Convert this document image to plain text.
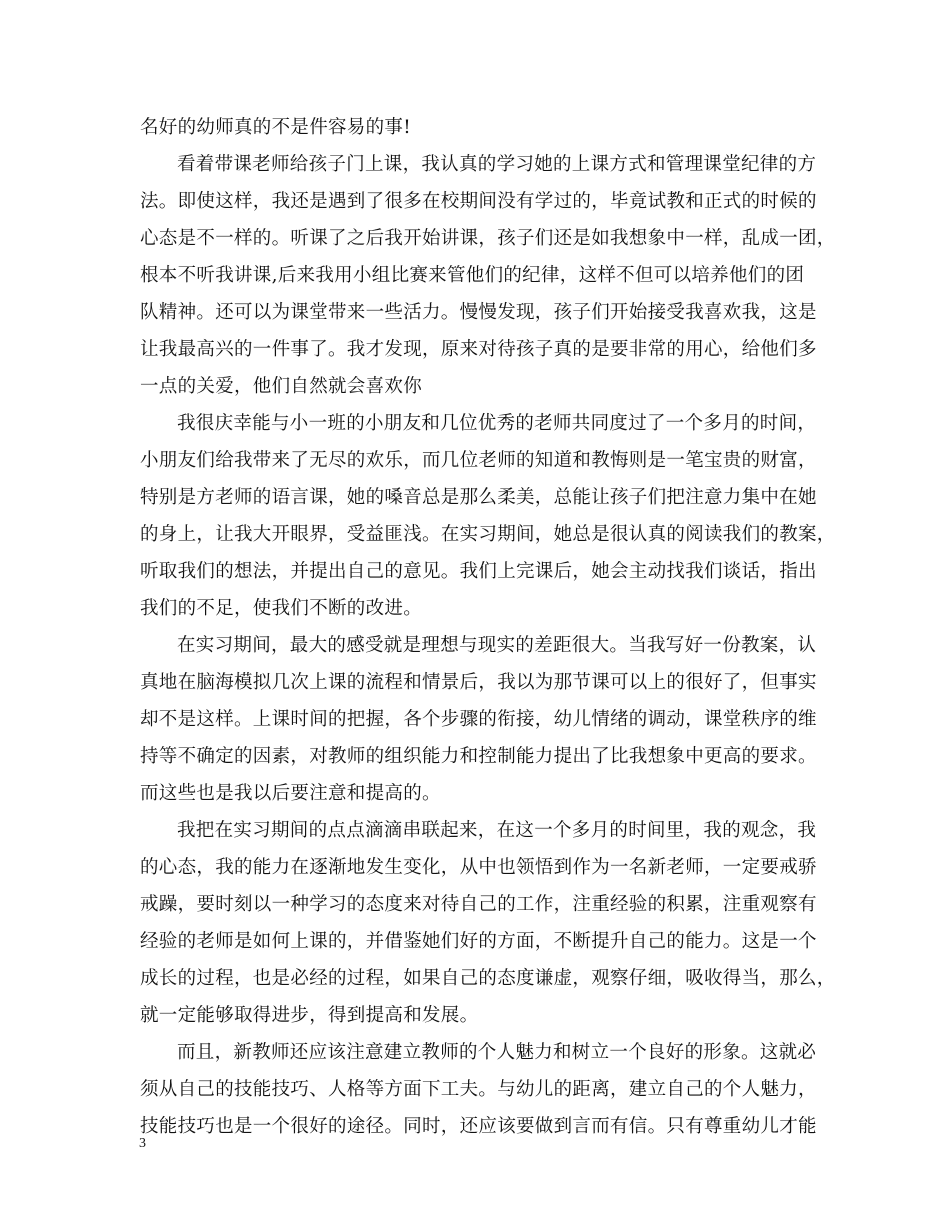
名好的幼师真的不是件容易的事!
看着带课老师给孩子门上课，我认真的学习她的上课方式和管理课堂纪律的方
法。即使这样，我还是遇到了很多在校期间没有学过的，毕竟试教和正式的时候的
心态是不一样的。听课了之后我开始讲课，孩子们还是如我想象中一样，乱成一团，
根本不听我讲课,后来我用小组比赛来管他们的纪律，这样不但可以培养他们的团
队精神。还可以为课堂带来一些活力。慢慢发现，孩子们开始接受我喜欢我，这是
让我最高兴的一件事了。我才发现，原来对待孩子真的是要非常的用心，给他们多
一点的关爱，他们自然就会喜欢你
我很庆幸能与小一班的小朋友和几位优秀的老师共同度过了一个多月的时间，
小朋友们给我带来了无尽的欢乐，而几位老师的知道和教悔则是一笔宝贵的财富，
特别是方老师的语言课，她的嗓音总是那么柔美，总能让孩子们把注意力集中在她
的身上，让我大开眼界，受益匪浅。在实习期间，她总是很认真的阅读我们的教案，
听取我们的想法，并提出自己的意见。我们上完课后，她会主动找我们谈话，指出
我们的不足，使我们不断的改进。
在实习期间，最大的感受就是理想与现实的差距很大。当我写好一份教案，认
真地在脑海模拟几次上课的流程和情景后，我以为那节课可以上的很好了，但事实
却不是这样。上课时间的把握，各个步骤的衔接，幼儿情绪的调动，课堂秩序的维
持等不确定的因素，对教师的组织能力和控制能力提出了比我想象中更高的要求。
而这些也是我以后要注意和提高的。
我把在实习期间的点点滴滴串联起来，在这一个多月的时间里，我的观念，我
的心态，我的能力在逐渐地发生变化，从中也领悟到作为一名新老师，一定要戒骄
戒躁，要时刻以一种学习的态度来对待自己的工作，注重经验的积累，注重观察有
经验的老师是如何上课的，并借鉴她们好的方面，不断提升自己的能力。这是一个
成长的过程，也是必经的过程，如果自己的态度谦虚，观察仔细，吸收得当，那么，
就一定能够取得进步，得到提高和发展。
而且，新教师还应该注意建立教师的个人魅力和树立一个良好的形象。这就必
须从自己的技能技巧、人格等方面下工夫。与幼儿的距离，建立自己的个人魅力，
技能技巧也是一个很好的途径。同时，还应该要做到言而有信。只有尊重幼儿才能
3
